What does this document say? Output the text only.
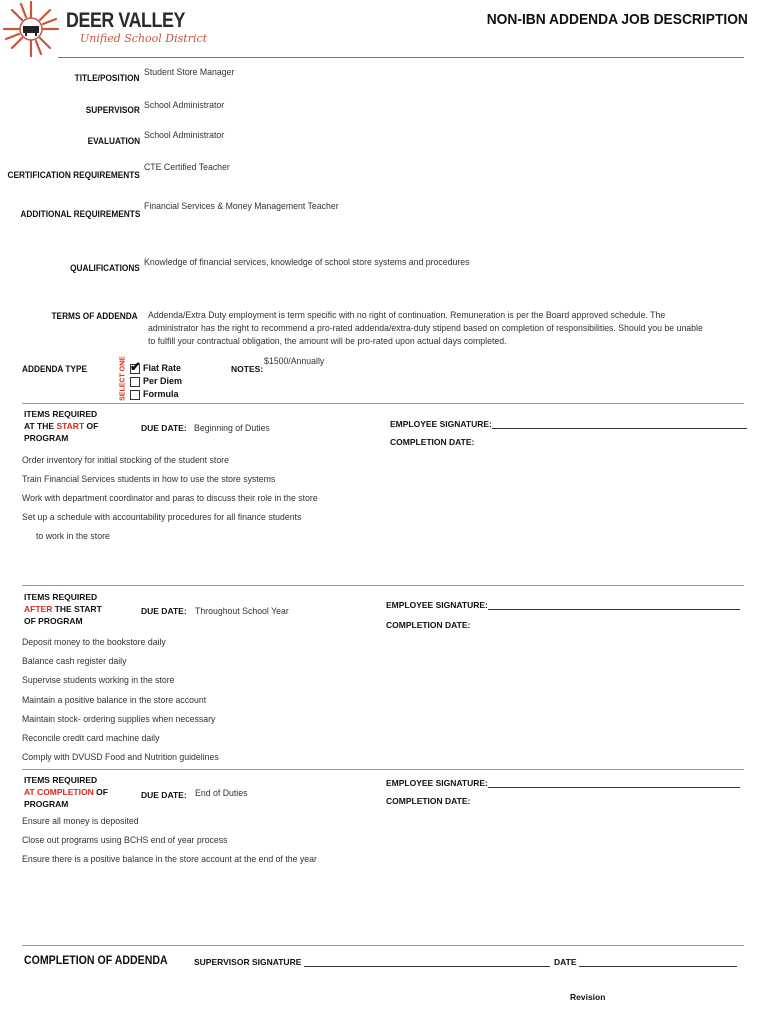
DEER VALLEY
Unified School District
NON-IBN ADDENDA JOB DESCRIPTION
TITLE/POSITION Student Store Manager
SUPERVISOR School Administrator
EVALUATION School Administrator
CERTIFICATION REQUIREMENTS
CTE Certified Teacher
ADDITIONAL REQUIREMENTS
Financial Services & Money Management Teacher
QUALIFICATIONS Knowledge of financial services, knowledge of school store systems and procedures
TERMS OF ADDENDA Addenda/Extra Duty employment is term specific with no right of continuation. Remuneration is per the Board approved schedule. The
administrator has the right to recommend a pro-rated addenda/extra-duty stipend based on completion of responsibilities. Should you be unable
to fulfill your contractual obligation, the amount will be pro-rated upon actual days completed.
ADDENDA TYPE	SELECT ONE
✔	Flat Rate
Per Diem
Formula
NOTES:
$1500/Annually
ITEMS REQUIRED
AT THE START OF
PROGRAM
DUE DATE: Beginning of Duties	EMPLOYEE SIGNATURE:
COMPLETION DATE:
Order inventory for initial stocking of the student store
Train Financial Services students in how to use the store systems
Work with department coordinator and paras to discuss their role in the store
Set up a schedule with accountability procedures for all finance students
to work in the store
ITEMS REQUIRED
AFTER THE START
OF PROGRAM
DUE DATE: Throughout School Year
EMPLOYEE SIGNATURE:
COMPLETION DATE:
Deposit money to the bookstore daily
Balance cash register daily
Supervise students working in the store
Maintain a positive balance in the store account
Maintain stock- ordering supplies when necessary
Reconcile credit card machine daily
Comply with DVUSD Food and Nutrition guidelines
ITEMS REQUIRED
AT COMPLETION OF
PROGRAM
DUE DATE: End of Duties
EMPLOYEE SIGNATURE:
COMPLETION DATE:
Ensure all money is deposited
Close out programs using BCHS end of year process
Ensure there is a positive balance in the store account at the end of the year
COMPLETION OF ADDENDA	SUPERVISOR SIGNATURE	DATE
Revision
